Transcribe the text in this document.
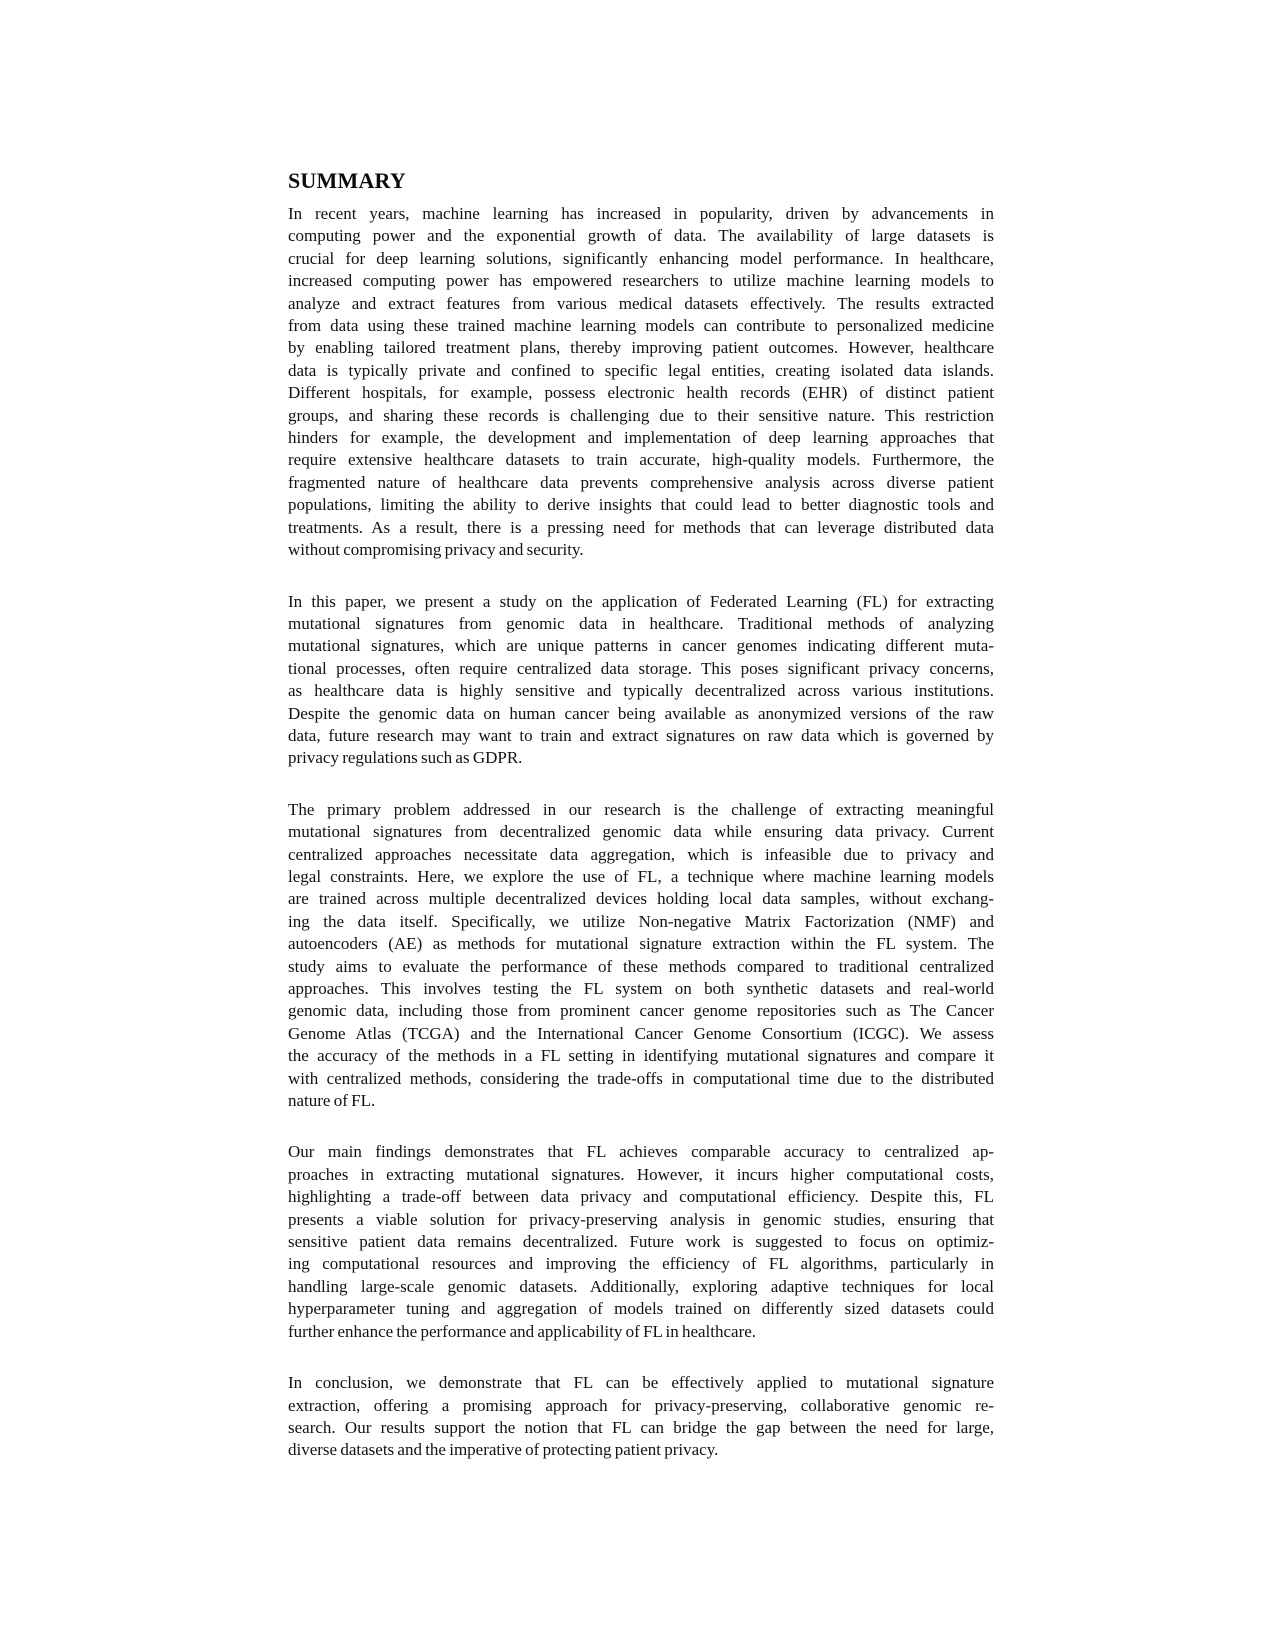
SUMMARY

In recent years, machine learning has increased in popularity, driven by advancements in
computing power and the exponential growth of data. The availability of large datasets is
crucial for deep learning solutions, significantly enhancing model performance. In healthcare,
increased computing power has empowered researchers to utilize machine learning models to
analyze and extract features from various medical datasets effectively. The results extracted
from data using these trained machine learning models can contribute to personalized medicine
by enabling tailored treatment plans, thereby improving patient outcomes. However, healthcare
data is typically private and confined to specific legal entities, creating isolated data islands.
Different hospitals, for example, possess electronic health records (EHR) of distinct patient
groups, and sharing these records is challenging due to their sensitive nature. This restriction
hinders for example, the development and implementation of deep learning approaches that
require extensive healthcare datasets to train accurate, high-quality models. Furthermore, the
fragmented nature of healthcare data prevents comprehensive analysis across diverse patient
populations, limiting the ability to derive insights that could lead to better diagnostic tools and
treatments. As a result, there is a pressing need for methods that can leverage distributed data
without compromising privacy and security.

In this paper, we present a study on the application of Federated Learning (FL) for extracting
mutational signatures from genomic data in healthcare. Traditional methods of analyzing
mutational signatures, which are unique patterns in cancer genomes indicating different muta-
tional processes, often require centralized data storage. This poses significant privacy concerns,
as healthcare data is highly sensitive and typically decentralized across various institutions.
Despite the genomic data on human cancer being available as anonymized versions of the raw
data, future research may want to train and extract signatures on raw data which is governed by
privacy regulations such as GDPR.

The primary problem addressed in our research is the challenge of extracting meaningful
mutational signatures from decentralized genomic data while ensuring data privacy. Current
centralized approaches necessitate data aggregation, which is infeasible due to privacy and
legal constraints. Here, we explore the use of FL, a technique where machine learning models
are trained across multiple decentralized devices holding local data samples, without exchang-
ing the data itself. Specifically, we utilize Non-negative Matrix Factorization (NMF) and
autoencoders (AE) as methods for mutational signature extraction within the FL system. The
study aims to evaluate the performance of these methods compared to traditional centralized
approaches. This involves testing the FL system on both synthetic datasets and real-world
genomic data, including those from prominent cancer genome repositories such as The Cancer
Genome Atlas (TCGA) and the International Cancer Genome Consortium (ICGC). We assess
the accuracy of the methods in a FL setting in identifying mutational signatures and compare it
with centralized methods, considering the trade-offs in computational time due to the distributed
nature of FL.

Our main findings demonstrates that FL achieves comparable accuracy to centralized ap-
proaches in extracting mutational signatures. However, it incurs higher computational costs,
highlighting a trade-off between data privacy and computational efficiency. Despite this, FL
presents a viable solution for privacy-preserving analysis in genomic studies, ensuring that
sensitive patient data remains decentralized. Future work is suggested to focus on optimiz-
ing computational resources and improving the efficiency of FL algorithms, particularly in
handling large-scale genomic datasets. Additionally, exploring adaptive techniques for local
hyperparameter tuning and aggregation of models trained on differently sized datasets could
further enhance the performance and applicability of FL in healthcare.

In conclusion, we demonstrate that FL can be effectively applied to mutational signature
extraction, offering a promising approach for privacy-preserving, collaborative genomic re-
search. Our results support the notion that FL can bridge the gap between the need for large,
diverse datasets and the imperative of protecting patient privacy.
